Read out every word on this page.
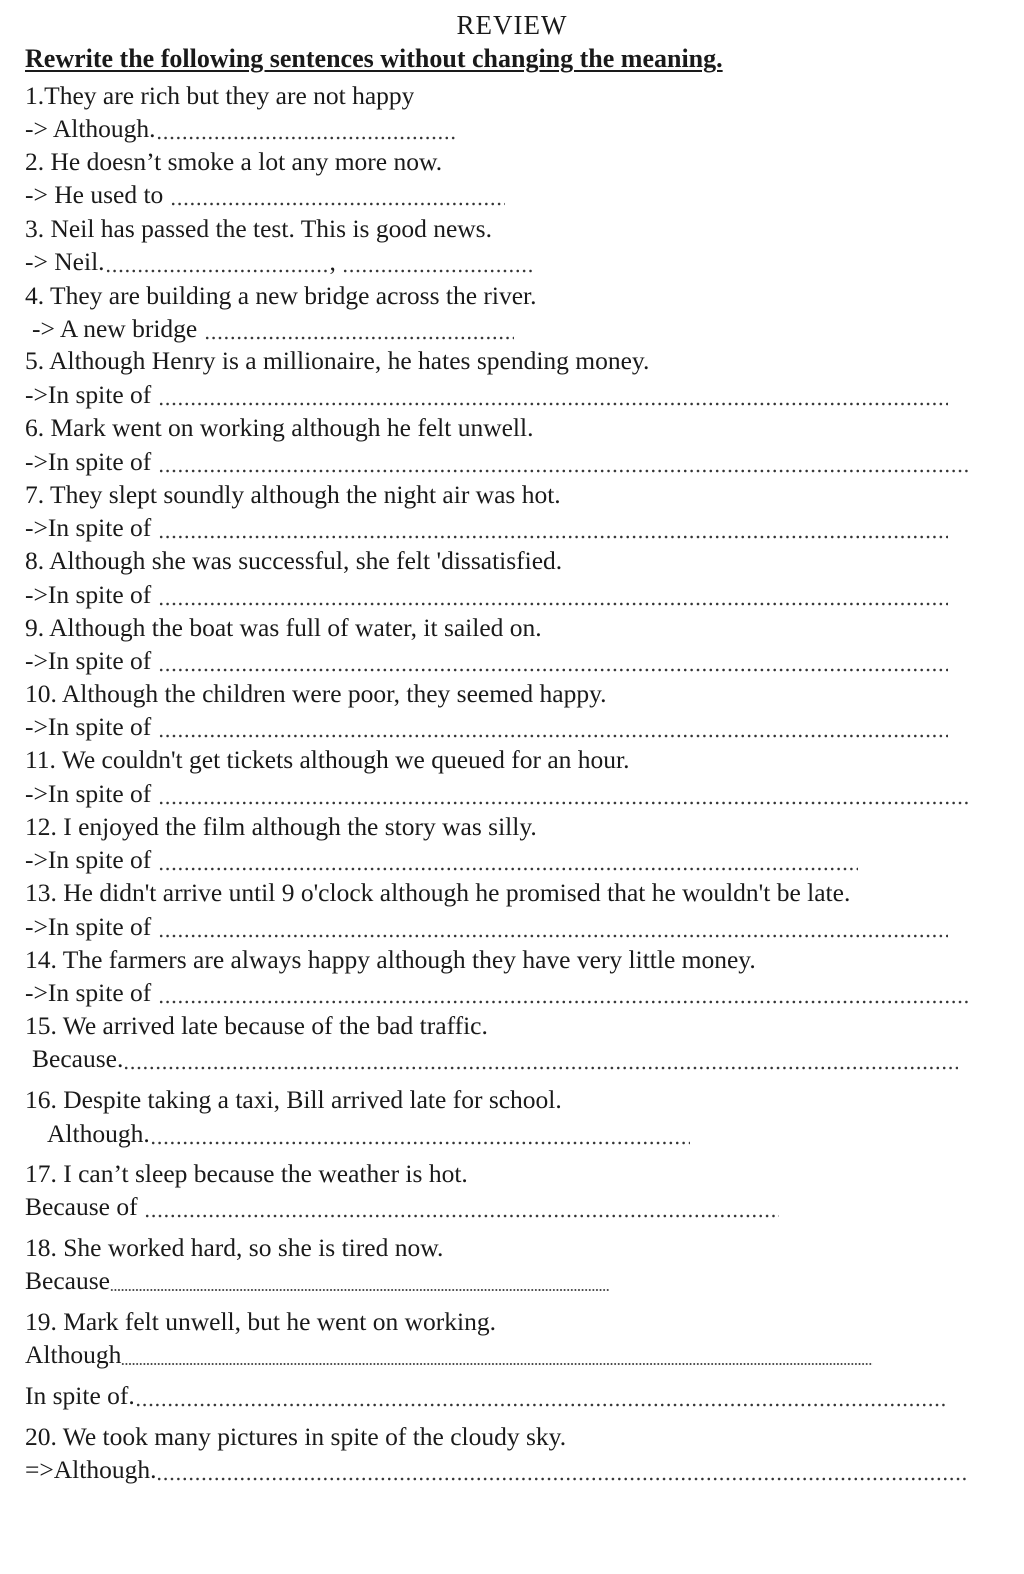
REVIEW
Rewrite the following sentences without changing the meaning.
1.They are rich but they are not happy
-> Although.
2. He doesn’t smoke a lot any more now.
-> He used to
3. Neil has passed the test. This is good news.
-> Neil.	,
4. They are building a new bridge across the river.
-> A new bridge
5. Although Henry is a millionaire, he hates spending money.
->In spite of
6. Mark went on working although he felt unwell.
->In spite of
7. They slept soundly although the night air was hot.
->In spite of
8. Although she was successful, she felt 'dissatisfied.
->In spite of
9. Although the boat was full of water, it sailed on.
->In spite of
10. Although the children were poor, they seemed happy.
->In spite of
11. We couldn't get tickets although we queued for an hour.
->In spite of
12. I enjoyed the film although the story was silly.
->In spite of
13. He didn't arrive until 9 o'clock although he promised that he wouldn't be late.
->In spite of
14. The farmers are always happy although they have very little money.
->In spite of
15. We arrived late because of the bad traffic.
Because.
16. Despite taking a taxi, Bill arrived late for school.
Although.
17. I can’t sleep because the weather is hot.
Because of
18. She worked hard, so she is tired now.
Because
19. Mark felt unwell, but he went on working.
Although
In spite of.
20. We took many pictures in spite of the cloudy sky.
=>Although.
